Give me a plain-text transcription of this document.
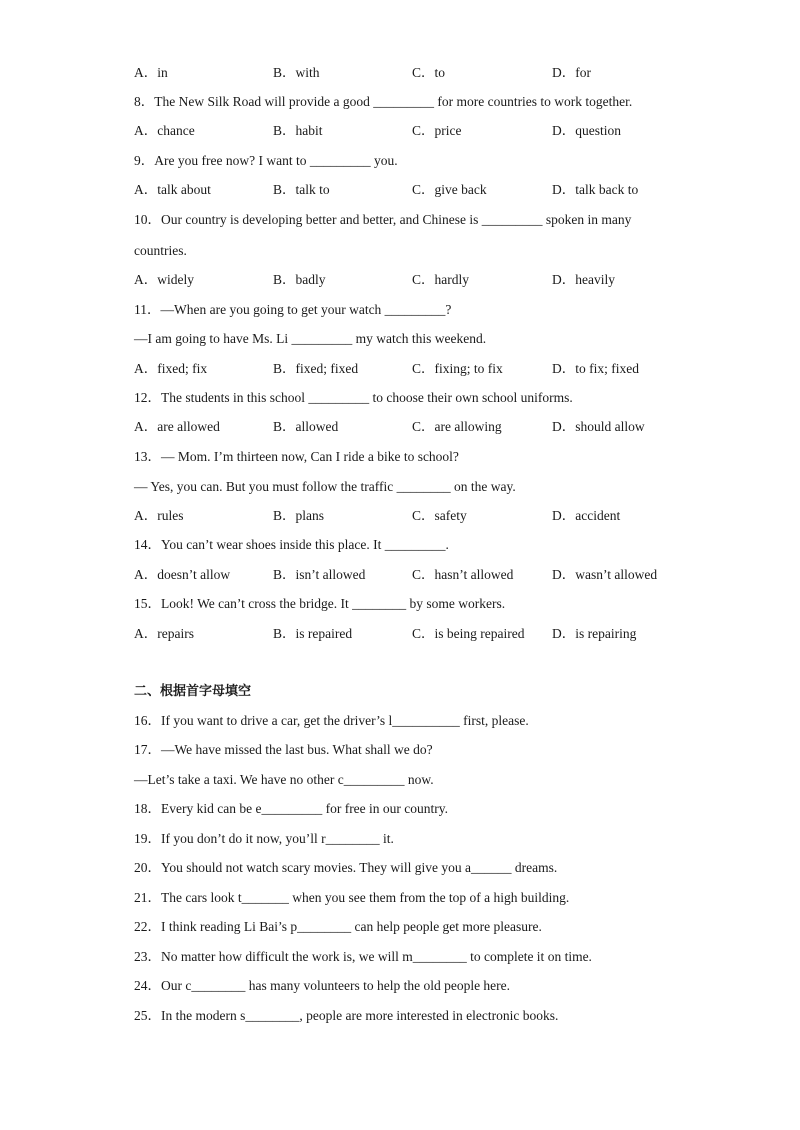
A．in	B．with	C．to	D．for
8．The New Silk Road will provide a good _________ for more countries to work together.
A．chance	B．habit	C．price	D．question
9．Are you free now? I want to _________ you.
A．talk about	B．talk to	C．give back	D．talk back to
10．Our country is developing better and better, and Chinese is _________ spoken in many
countries.
A．widely	B．badly	C．hardly	D．heavily
11．—When are you going to get your watch _________?
—I am going to have Ms. Li _________ my watch this weekend.
A．fixed; fix	B．fixed; fixed	C．fixing; to fix	D．to fix; fixed
12．The students in this school _________ to choose their own school uniforms.
A．are allowed	B．allowed	C．are allowing	D．should allow
13．— Mom. I’m thirteen now, Can I ride a bike to school?
— Yes, you can. But you must follow the traffic ________ on the way.
A．rules	B．plans	C．safety	D．accident
14．You can’t wear shoes inside this place. It _________.
A．doesn’t allow	B．isn’t allowed	C．hasn’t allowed	D．wasn’t allowed
15．Look! We can’t cross the bridge. It ________ by some workers.
A．repairs	B．is repaired	C．is being repaired D．is repairing
二、根据首字母填空
16．If you want to drive a car, get the driver’s l__________ first, please.
17．—We have missed the last bus. What shall we do?
—Let’s take a taxi. We have no other c_________ now.
18．Every kid can be e_________ for free in our country.
19．If you don’t do it now, you’ll r________ it.
20．You should not watch scary movies. They will give you a______ dreams.
21．The cars look t_______ when you see them from the top of a high building.
22．I think reading Li Bai’s p________ can help people get more pleasure.
23．No matter how difficult the work is, we will m________ to complete it on time.
24．Our c________ has many volunteers to help the old people here.
25．In the modern s________, people are more interested in electronic books.
